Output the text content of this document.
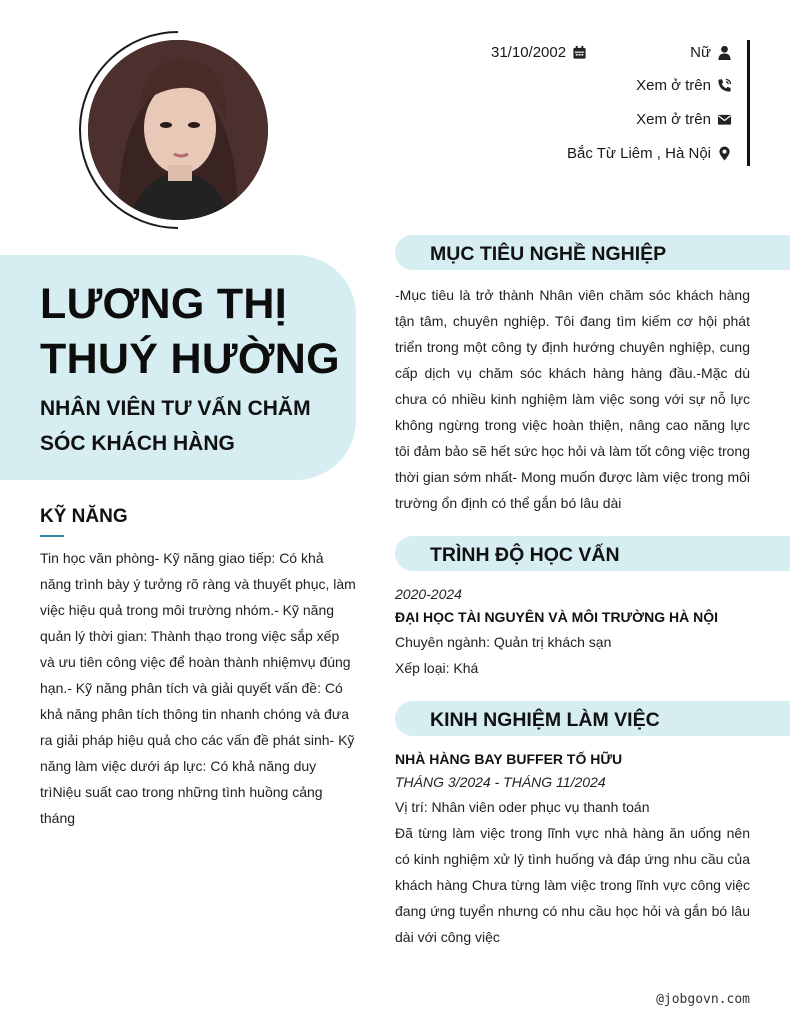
31/10/2002	Nữ
Xem ở trên
Xem ở trên
Bắc Từ Liêm , Hà Nội
LƯƠNG THỊ
THUÝ HƯỜNG
NHÂN VIÊN TƯ VẤN CHĂM
SÓC KHÁCH HÀNG
KỸ NĂNG
Tin học văn phòng- Kỹ năng giao tiếp: Có khả năng trình bày ý tưởng rõ ràng và thuyết phục, làm việc hiệu quả trong môi trường nhóm.- Kỹ năng quản lý thời gian: Thành thạo trong việc sắp xếp và ưu tiên công việc để hoàn thành nhiệmvụ đúng hạn.- Kỹ năng phân tích và giải quyết vấn đề: Có khả năng phân tích thông tin nhanh chóng và đưa ra giải pháp hiệu quả cho các vấn đề phát sinh- Kỹ năng làm việc dưới áp lực: Có khả năng duy trìNiệu suất cao trong những tình huồng cảng tháng
MỤC TIÊU NGHỀ NGHIỆP
-Mục tiêu là trở thành Nhân viên chăm sóc khách hàng tận tâm, chuyên nghiệp. Tôi đang tìm kiếm cơ hội phát triển trong một công ty định hướng chuyên nghiệp, cung cấp dịch vụ chăm sóc khách hàng hàng đầu.-Mặc dù chưa có nhiều kinh nghiệm làm việc song với sự nỗ lực không ngừng trong việc hoàn thiện, nâng cao năng lực tôi đảm bảo sẽ hết sức học hỏi và làm tốt công việc trong thời gian sớm nhất- Mong muốn được làm việc trong môi trường ổn định có thể gắn bó lâu dài
TRÌNH ĐỘ HỌC VẤN
2020-2024
ĐẠI HỌC TÀI NGUYÊN VÀ MÔI TRƯỜNG HÀ NỘI
Chuyên ngành: Quản trị khách sạn
Xếp loại: Khá
KINH NGHIỆM LÀM VIỆC
NHÀ HÀNG BAY BUFFER TỐ HỮU
THÁNG 3/2024 - THÁNG 11/2024
Vị trí: Nhân viên oder phục vụ thanh toán
Đã từng làm việc trong lĩnh vực nhà hàng ăn uống nên có kinh nghiệm xử lý tình huống và đáp ứng nhu cầu của khách hàng Chưa từng làm việc trong lĩnh vực công việc đang ứng tuyển nhưng có nhu cầu học hỏi và gắn bó lâu dài với công việc
@jobgovn.com
